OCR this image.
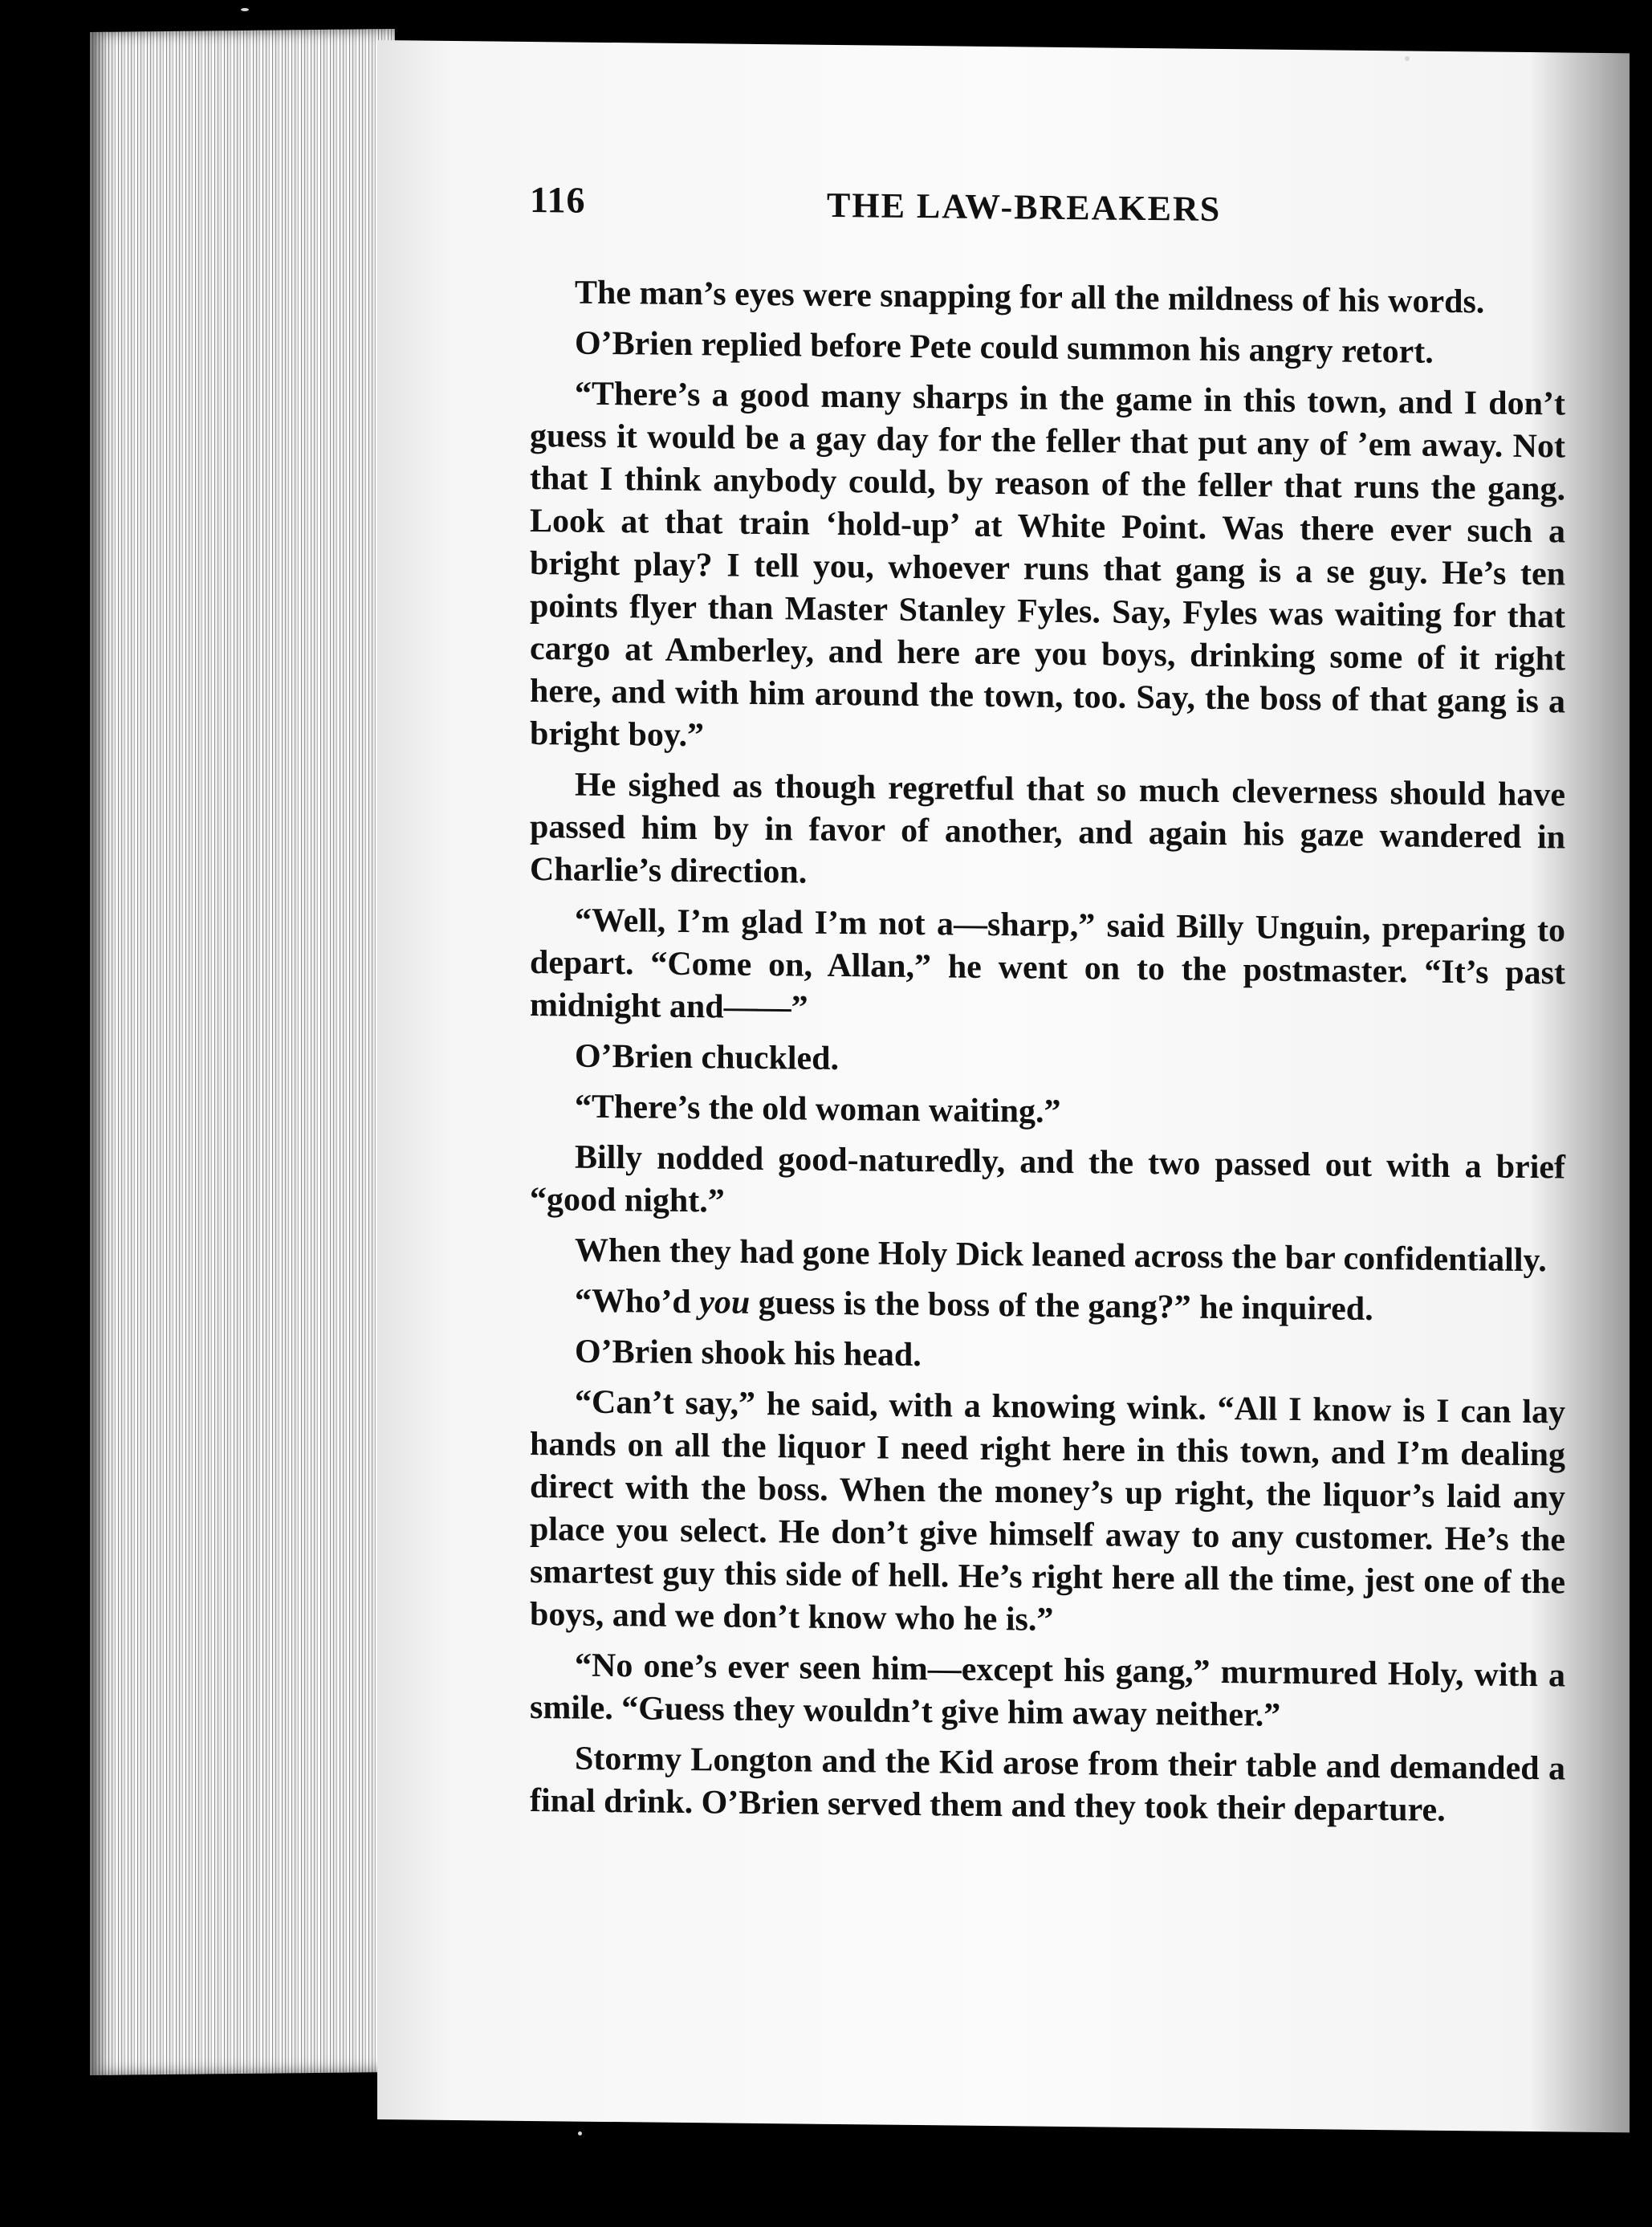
116	THE LAW-BREAKERS

The man’s eyes were snapping for all the mildness of his words.

O’Brien replied before Pete could summon his angry retort.

“There’s a good many sharps in the game in this town, and I don’t guess it would be a gay day for the feller that put any of ’em away. Not that I think anybody could, by reason of the feller that runs the gang. Look at that train ‘hold-up’ at White Point. Was there ever such a bright play? I tell you, whoever runs that gang is a se guy. He’s ten points flyer than Master Stanley Fyles. Say, Fyles was waiting for that cargo at Amberley, and here are you boys, drinking some of it right here, and with him around the town, too. Say, the boss of that gang is a bright boy.”

He sighed as though regretful that so much cleverness should have passed him by in favor of another, and again his gaze wandered in Charlie’s direction.

“Well, I’m glad I’m not a—sharp,” said Billy Unguin, preparing to depart. “Come on, Allan,” he went on to the postmaster. “It’s past midnight and——”

O’Brien chuckled.

“There’s the old woman waiting.”

Billy nodded good-naturedly, and the two passed out with a brief “good night.”

When they had gone Holy Dick leaned across the bar confidentially.

“Who’d you guess is the boss of the gang?” he inquired.

O’Brien shook his head.

“Can’t say,” he said, with a knowing wink. “All I know is I can lay hands on all the liquor I need right here in this town, and I’m dealing direct with the boss. When the money’s up right, the liquor’s laid any place you select. He don’t give himself away to any customer. He’s the smartest guy this side of hell. He’s right here all the time, jest one of the boys, and we don’t know who he is.”

“No one’s ever seen him—except his gang,” murmured Holy, with a smile. “Guess they wouldn’t give him away neither.”

Stormy Longton and the Kid arose from their table and demanded a final drink. O’Brien served them and they took their departure.
